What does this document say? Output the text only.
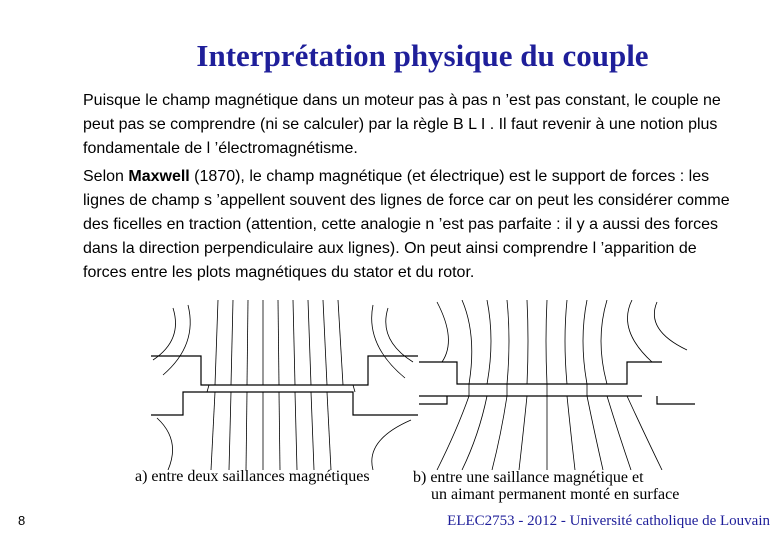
Interprétation physique du couple

Puisque le champ magnétique dans un moteur pas à pas n ’est pas constant, le couple ne peut pas se comprendre (ni se calculer) par la règle B L I . Il faut revenir à une notion plus fondamentale de l ’électromagnétisme.

Selon Maxwell (1870), le champ magnétique (et électrique) est le support de forces : les lignes de champ s ’appellent souvent des lignes de force car on peut les considérer comme des ficelles en traction (attention, cette analogie n ’est pas parfaite : il y a aussi des forces dans la direction perpendiculaire aux lignes). On peut ainsi comprendre l ’apparition de forces entre les plots magnétiques du stator et du rotor.

a) entre deux saillances magnétiques	b) entre une saillance magnétique et
un aimant permanent monté en surface
8	ELEC2753 - 2012 - Université catholique de Louvain
